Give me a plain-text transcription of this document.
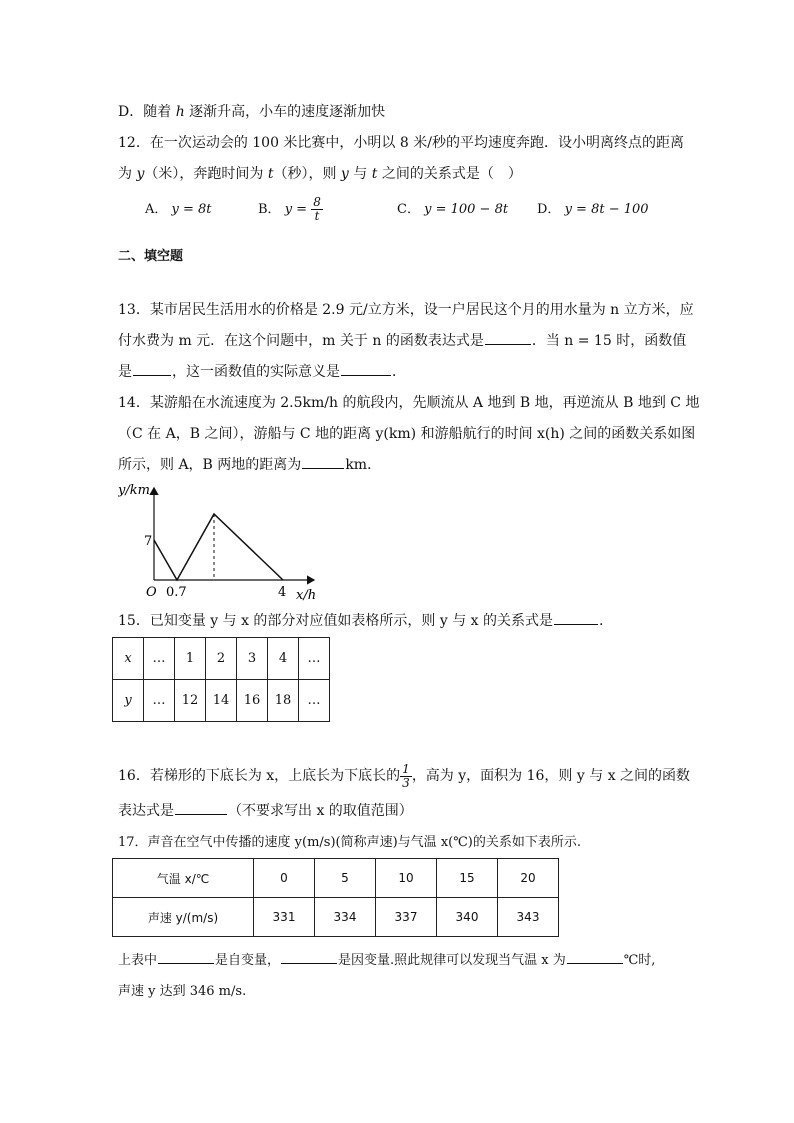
D．随着 h 逐渐升高，小车的速度逐渐加快
12．在一次运动会的 100 米比赛中，小明以 8 米/秒的平均速度奔跑．设小明离终点的距离
为 y（米），奔跑时间为 t（秒），则 y 与 t 之间的关系式是（　）
A． y = 8t	B． $y = \frac{8}{t}$	C． y = 100 − 8t D． y = 8t − 100
二、填空题
13．某市居民生活用水的价格是 2.9 元/立方米，设一户居民这个月的用水量为 n 立方米，应
付水费为 m 元．在这个问题中，m 关于 n 的函数表达式是	．当 n = 15 时，函数值
是	，这一函数值的实际意义是	．
14．某游船在水流速度为 2.5km/h 的航段内，先顺流从 A 地到 B 地，再逆流从 B 地到 C 地
（C 在 A，B 之间），游船与 C 地的距离 y(km) 和游船航行的时间 x(h) 之间的函数关系如图
所示，则 A，B 两地的距离为	km．
y/km
x/h
O
7
0.7	4
15．已知变量 y 与 x 的部分对应值如表格所示，则 y 与 x 的关系式是	.
x	…	1	2	3	4	…
y	…	12	14	16	18	…
16．若梯形的下底长为 x，上底长为下底长的 $\frac{1}{3}$ ，高为 y，面积为 16，则 y 与 x 之间的函数
表达式是	（不要求写出 x 的取值范围）
17．声音在空气中传播的速度 y(m/s)(简称声速)与气温 x(℃)的关系如下表所示.
气温 x/℃	0	5	10	15	20
声速 y/(m/s)	331	334	337	340	343
上表中	是自变量，	是因变量.照此规律可以发现当气温 x 为	℃时,
声速 y 达到 346 m/s.
